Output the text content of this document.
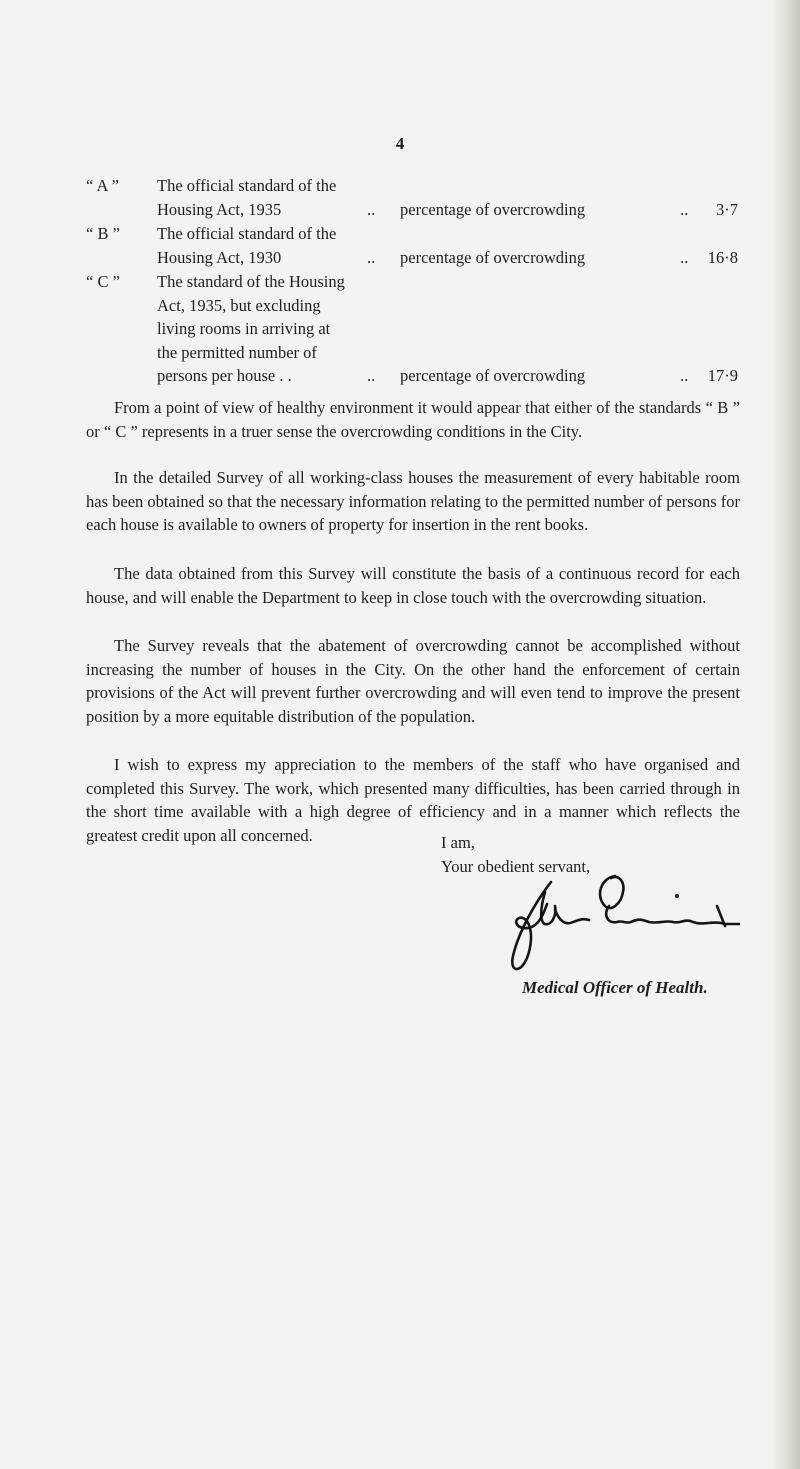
4
“ A ”	The official standard of the
Housing Act, 1935	.. percentage of overcrowding	.. 3·7
“ B ”	The official standard of the
Housing Act, 1930	.. percentage of overcrowding	.. 16·8
“ C ”	The standard of the Housing
Act, 1935, but excluding
living rooms in arriving at
the permitted number of
persons per house . .	.. percentage of overcrowding	.. 17·9

From a point of view of healthy environment it would appear that either of the standards “ B ” or “ C ” represents in a truer sense the overcrowding conditions in the City.

In the detailed Survey of all working-class houses the measurement of every habitable room has been obtained so that the necessary information relating to the permitted number of persons for each house is available to owners of property for insertion in the rent books.

The data obtained from this Survey will constitute the basis of a continuous record for each house, and will enable the Department to keep in close touch with the overcrowding situation.

The Survey reveals that the abatement of overcrowding cannot be accomplished without increasing the number of houses in the City. On the other hand the enforcement of certain provisions of the Act will prevent further overcrowding and will even tend to improve the present position by a more equitable distribution of the population.

I wish to express my appreciation to the members of the staff who have organised and completed this Survey. The work, which presented many difficulties, has been carried through in the short time available with a high degree of efficiency and in a manner which reflects the greatest credit upon all concerned.	I am,
Your obedient servant,
Medical Officer of Health.
